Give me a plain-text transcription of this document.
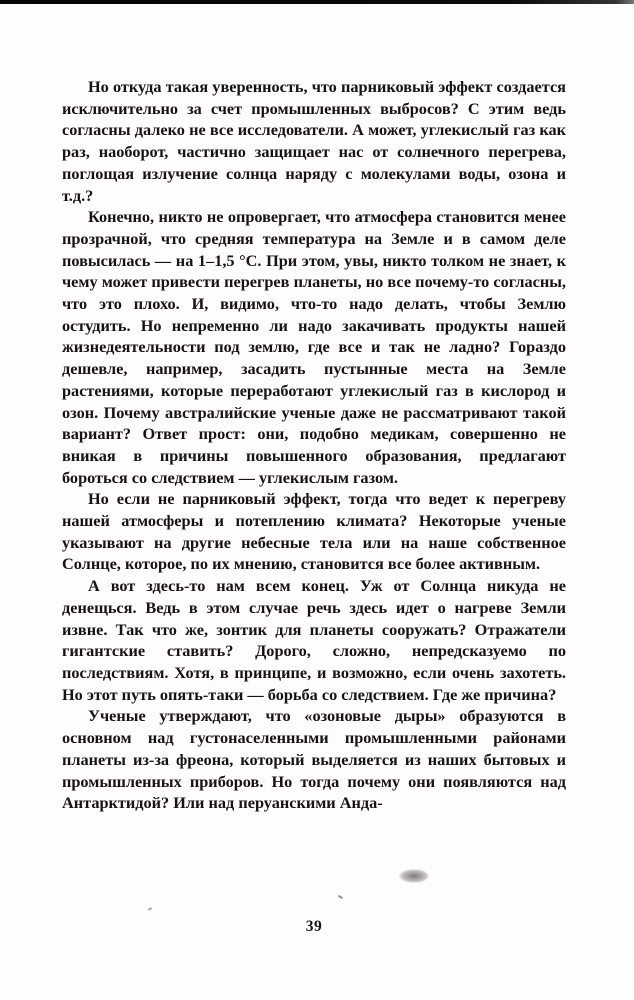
Но откуда такая уверенность, что парниковый эффект создается исключительно за счет промышленных выбросов? С этим ведь согласны далеко не все исследователи. А может, углекислый газ как раз, наоборот, частично защищает нас от солнечного перегрева, поглощая излучение солнца наряду с молекулами воды, озона и т.д.?

Конечно, никто не опровергает, что атмосфера становится менее прозрачной, что средняя температура на Земле и в самом деле повысилась — на 1–1,5 °С. При этом, увы, никто толком не знает, к чему может привести перегрев планеты, но все почему-то согласны, что это плохо. И, видимо, что-то надо делать, чтобы Землю остудить. Но непременно ли надо закачивать продукты нашей жизнедеятельности под землю, где все и так не ладно? Гораздо дешевле, например, засадить пустынные места на Земле растениями, которые переработают углекислый газ в кислород и озон. Почему австралийские ученые даже не рассматривают такой вариант? Ответ прост: они, подобно медикам, совершенно не вникая в причины повышенного образования, предлагают бороться со следствием — углекислым газом.

Но если не парниковый эффект, тогда что ведет к перегреву нашей атмосферы и потеплению климата? Некоторые ученые указывают на другие небесные тела или на наше собственное Солнце, которое, по их мнению, становится все более активным.

А вот здесь-то нам всем конец. Уж от Солнца никуда не денещься. Ведь в этом случае речь здесь идет о нагреве Земли извне. Так что же, зонтик для планеты сооружать? Отражатели гигантские ставить? Дорого, сложно, непредсказуемо по последствиям. Хотя, в принципе, и возможно, если очень захотеть. Но этот путь опять-таки — борьба со следствием. Где же причина?

Ученые утверждают, что «озоновые дыры» образуются в основном над густонаселенными промышленными районами планеты из-за фреона, который выделяется из наших бытовых и промышленных приборов. Но тогда почему они появляются над Антарктидой? Или над перуанскими Анда-

39
